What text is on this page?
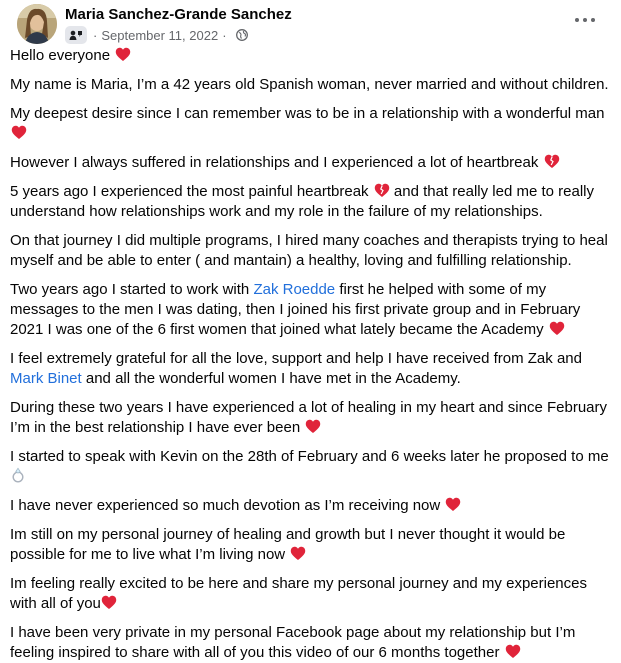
Maria Sanchez-Grande Sanchez
· September 11, 2022 ·

Hello everyone

My name is Maria, I’m a 42 years old Spanish woman, never married and without children.

My deepest desire since I can remember was to be in a relationship with a wonderful man

However I always suffered in relationships and I experienced a lot of heartbreak

5 years ago I experienced the most painful heartbreak  and that really led me to really understand how relationships work and my role in the failure of my relationships.

On that journey I did multiple programs, I hired many coaches and therapists trying to heal myself and be able to enter ( and mantain) a healthy, loving and fulfilling relationship.

Two years ago I started to work with Zak Roedde first he helped with some of my messages to the men I was dating, then I joined his first private group and in February 2021 I was one of the 6 first women that joined what lately became the Academy

I feel extremely grateful for all the love, support and help I have received from Zak and Mark Binet and all the wonderful women I have met in the Academy.

During these two years I have experienced a lot of healing in my heart and since February I’m in the best relationship I have ever been

I started to speak with Kevin on the 28th of February and 6 weeks later he proposed to me

I have never experienced so much devotion as I’m receiving now

Im still on my personal journey of healing and growth but I never thought it would be possible for me to live what I’m living now

Im feeling really excited to be here and share my personal journey and my experiences with all of you

I have been very private in my personal Facebook page about my relationship but I’m feeling inspired to share with all of you this video of our 6 months together
